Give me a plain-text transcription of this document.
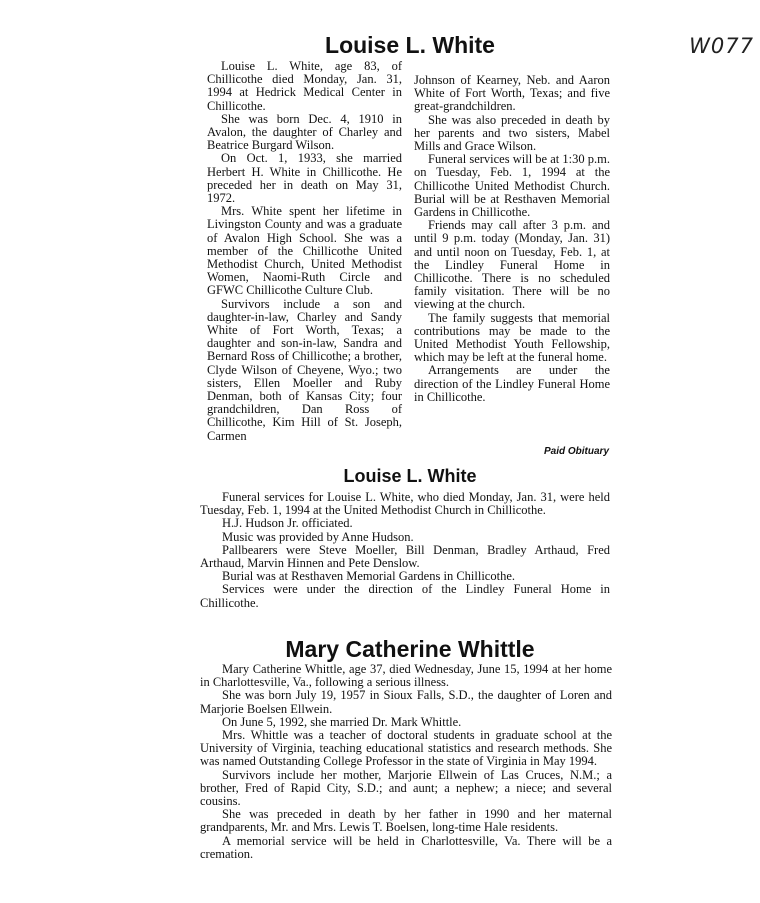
W077
Louise L. White

Louise L. White, age 83, of Chillicothe died Monday, Jan. 31, 1994 at Hedrick Medical Center in Chillicothe.

She was born Dec. 4, 1910 in Avalon, the daughter of Charley and Beatrice Burgard Wilson.

On Oct. 1, 1933, she married Herbert H. White in Chillicothe. He preceded her in death on May 31, 1972.

Mrs. White spent her lifetime in Livingston County and was a graduate of Avalon High School. She was a member of the Chillicothe United Methodist Church, United Methodist Women, Naomi-Ruth Circle and GFWC Chillicothe Culture Club.

Survivors include a son and daughter-in-law, Charley and Sandy White of Fort Worth, Texas; a daughter and son-in-law, Sandra and Bernard Ross of Chillicothe; a brother, Clyde Wilson of Cheyene, Wyo.; two sisters, Ellen Moeller and Ruby Denman, both of Kansas City; four grandchildren, Dan Ross of Chillicothe, Kim Hill of St. Joseph, Carmen

Johnson of Kearney, Neb. and Aaron White of Fort Worth, Texas; and five great-grandchildren.

She was also preceded in death by her parents and two sisters, Mabel Mills and Grace Wilson.

Funeral services will be at 1:30 p.m. on Tuesday, Feb. 1, 1994 at the Chillicothe United Methodist Church. Burial will be at Resthaven Memorial Gardens in Chillicothe.

Friends may call after 3 p.m. and until 9 p.m. today (Monday, Jan. 31) and until noon on Tuesday, Feb. 1, at the Lindley Funeral Home in Chillicothe. There is no scheduled family visitation. There will be no viewing at the church.

The family suggests that memorial contributions may be made to the United Methodist Youth Fellowship, which may be left at the funeral home.

Arrangements are under the direction of the Lindley Funeral Home in Chillicothe.

Paid Obituary
Louise L. White

Funeral services for Louise L. White, who died Monday, Jan. 31, were held Tuesday, Feb. 1, 1994 at the United Methodist Church in Chillicothe.

H.J. Hudson Jr. officiated.

Music was provided by Anne Hudson.

Pallbearers were Steve Moeller, Bill Denman, Bradley Arthaud, Fred Arthaud, Marvin Hinnen and Pete Denslow.

Burial was at Resthaven Memorial Gardens in Chillicothe.

Services were under the direction of the Lindley Funeral Home in Chillicothe.

Mary Catherine Whittle

Mary Catherine Whittle, age 37, died Wednesday, June 15, 1994 at her home in Charlottesville, Va., following a serious illness.

She was born July 19, 1957 in Sioux Falls, S.D., the daughter of Loren and Marjorie Boelsen Ellwein.

On June 5, 1992, she married Dr. Mark Whittle.

Mrs. Whittle was a teacher of doctoral students in graduate school at the University of Virginia, teaching educational statistics and research methods. She was named Outstanding College Professor in the state of Virginia in May 1994.

Survivors include her mother, Marjorie Ellwein of Las Cruces, N.M.; a brother, Fred of Rapid City, S.D.; and aunt; a nephew; a niece; and several cousins.

She was preceded in death by her father in 1990 and her maternal grandparents, Mr. and Mrs. Lewis T. Boelsen, long-time Hale residents.

A memorial service will be held in Charlottesville, Va. There will be a cremation.
